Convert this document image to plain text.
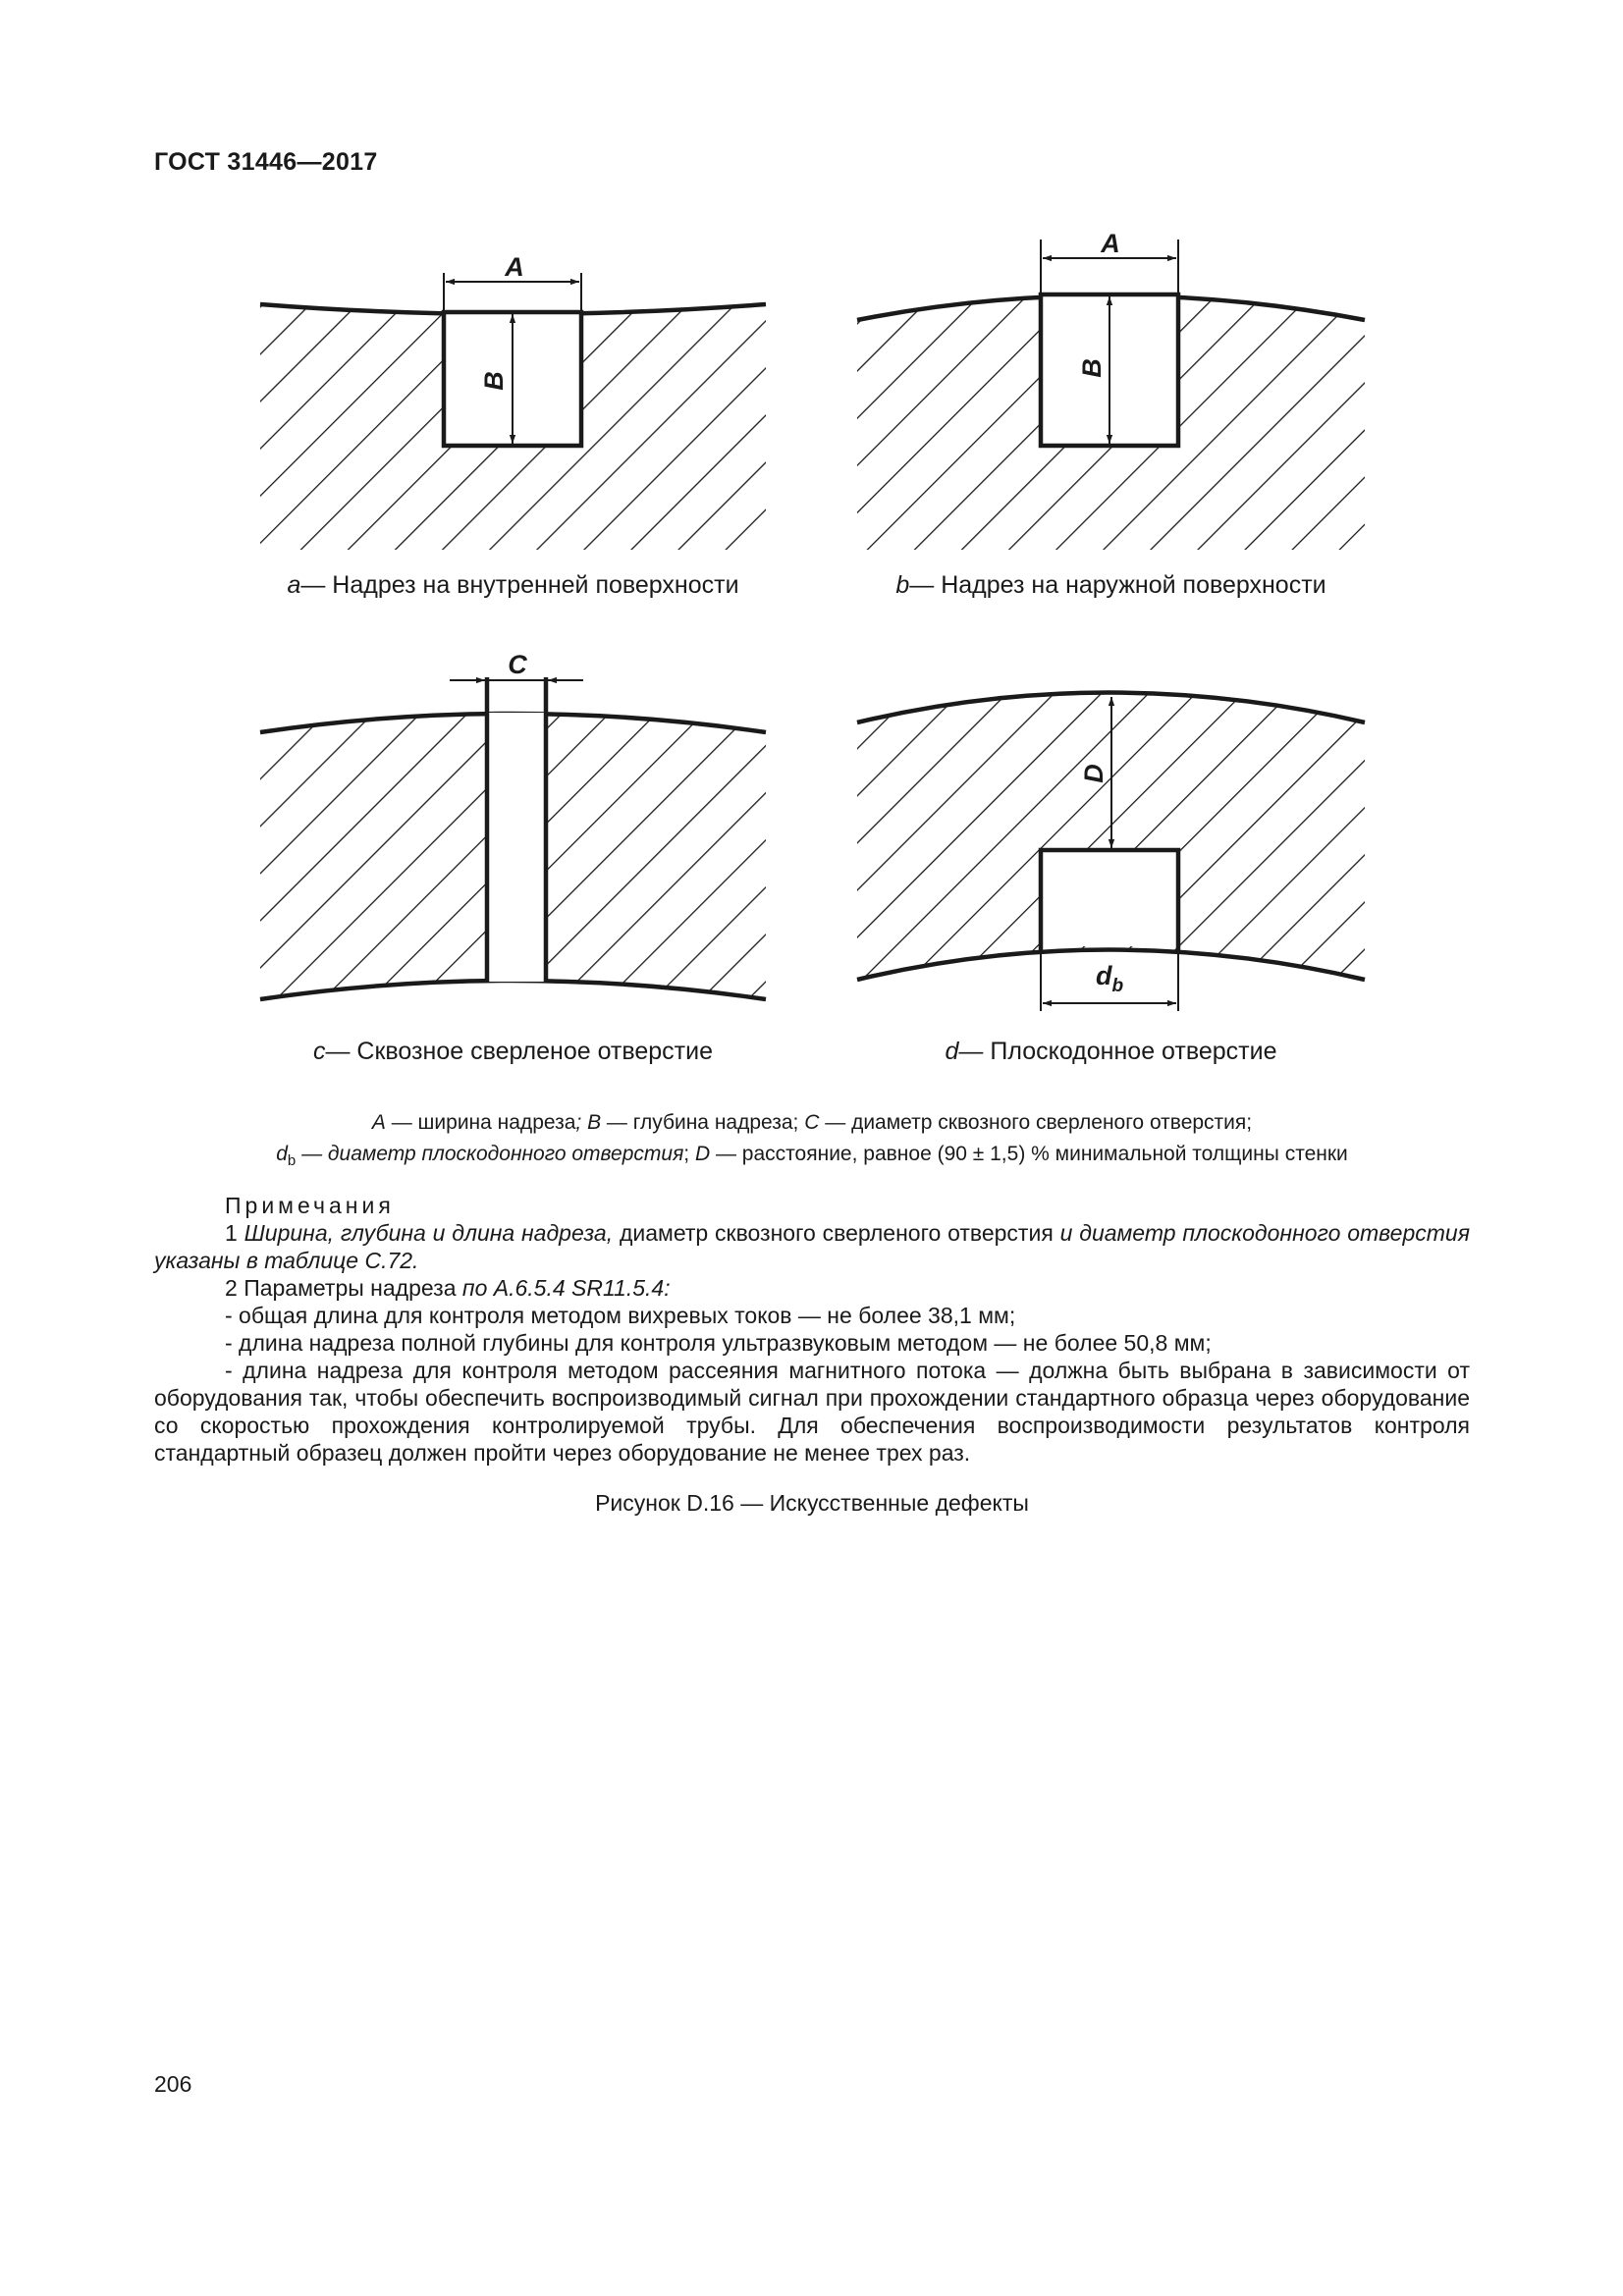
ГОСТ 31446—2017
A
B
A
B
C
D
$d_b$
a— Надрез на внутренней поверхности	b— Надрез на наружной поверхности
c— Сквозное сверленое отверстие	d— Плоскодонное отверстие
A — ширина надреза; B — глубина надреза; C — диаметр сквозного сверленого отверстия;
$d_b$ — диаметр плоскодонного отверстия; D — расстояние, равное (90 ± 1,5) % минимальной толщины стенки

Примечания

1 Ширина, глубина и длина надреза, диаметр сквозного сверленого отверстия и диаметр плоскодонного отверстия указаны в таблице С.72.

2 Параметры надреза по А.6.5.4 SR11.5.4:

- общая длина для контроля методом вихревых токов — не более 38,1 мм;

- длина надреза полной глубины для контроля ультразвуковым методом — не более 50,8 мм;

- длина надреза для контроля методом рассеяния магнитного потока — должна быть выбрана в зависимости от оборудования так, чтобы обеспечить воспроизводимый сигнал при прохождении стандартного образца через оборудование со скоростью прохождения контролируемой трубы. Для обеспечения воспроизводимости результатов контроля стандартный образец должен пройти через оборудование не менее трех раз.

Рисунок D.16 — Искусственные дефекты
206
